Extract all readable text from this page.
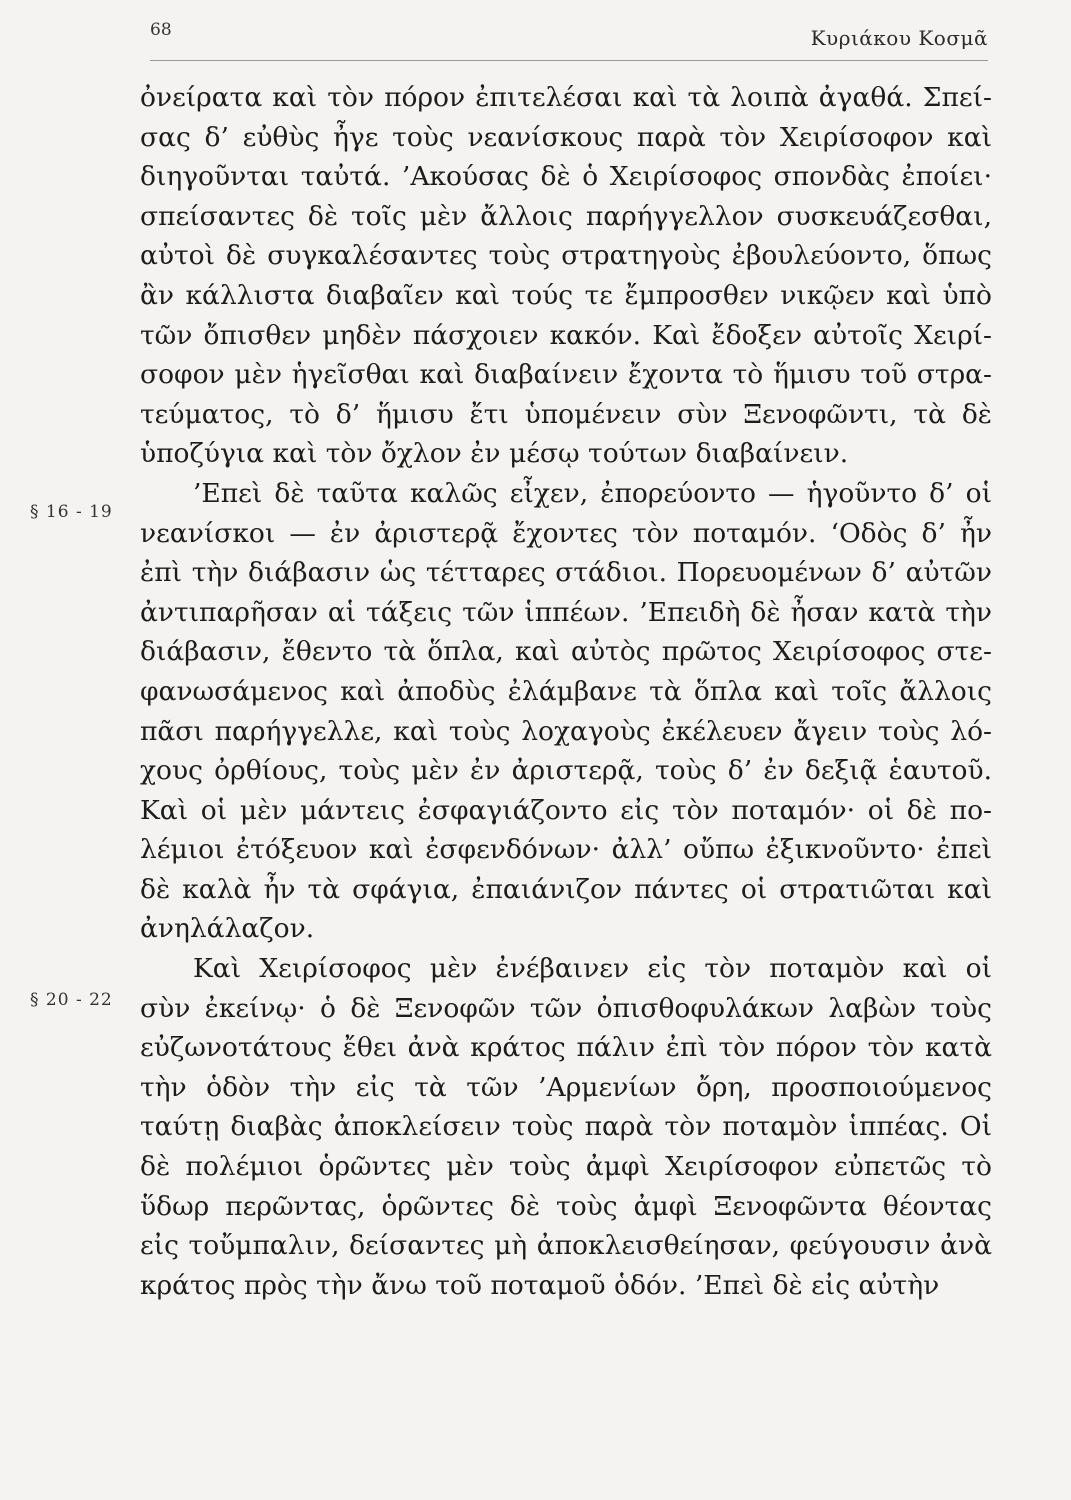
68	Κυριάκου Κοσμᾶ
§ 16 - 19
§ 20 - 22
ὀνείρατα καὶ τὸν πόρον ἐπιτελέσαι καὶ τὰ λοιπὰ ἀγαθά. Σπεί-
σας δ’ εὐθὺς ἦγε τοὺς νεανίσκους παρὰ τὸν Χειρίσοφον καὶ
διηγοῦνται ταὐτά. ’Ακούσας δὲ ὁ Χειρίσοφος σπονδὰς ἐποίει·
σπείσαντες δὲ τοῖς μὲν ἄλλοις παρήγγελλον συσκευάζεσθαι,
αὐτοὶ δὲ συγκαλέσαντες τοὺς στρατηγοὺς ἐβουλεύοντο, ὅπως
ἂν κάλλιστα διαβαῖεν καὶ τούς τε ἔμπροσθεν νικῷεν καὶ ὑπὸ
τῶν ὄπισθεν μηδὲν πάσχοιεν κακόν. Καὶ ἔδοξεν αὐτοῖς Χειρί-
σοφον μὲν ἡγεῖσθαι καὶ διαβαίνειν ἔχοντα τὸ ἥμισυ τοῦ στρα-
τεύματος, τὸ δ’ ἥμισυ ἔτι ὑπομένειν σὺν Ξενοφῶντι, τὰ δὲ
ὑποζύγια καὶ τὸν ὄχλον ἐν μέσῳ τούτων διαβαίνειν.
’Επεὶ δὲ ταῦτα καλῶς εἶχεν, ἐπορεύοντο — ἡγοῦντο δ’ οἱ
νεανίσκοι — ἐν ἀριστερᾷ ἔχοντες τὸν ποταμόν. ‘Οδὸς δ’ ἦν
ἐπὶ τὴν διάβασιν ὡς τέτταρες στάδιοι. Πορευομένων δ’ αὐτῶν
ἀντιπαρῆσαν αἱ τάξεις τῶν ἱππέων. ’Επειδὴ δὲ ἦσαν κατὰ τὴν
διάβασιν, ἔθεντο τὰ ὅπλα, καὶ αὐτὸς πρῶτος Χειρίσοφος στε-
φανωσάμενος καὶ ἀποδὺς ἐλάμβανε τὰ ὅπλα καὶ τοῖς ἄλλοις
πᾶσι παρήγγελλε, καὶ τοὺς λοχαγοὺς ἐκέλευεν ἄγειν τοὺς λό-
χους ὀρθίους, τοὺς μὲν ἐν ἀριστερᾷ, τοὺς δ’ ἐν δεξιᾷ ἑαυτοῦ.
Καὶ οἱ μὲν μάντεις ἐσφαγιάζοντο εἰς τὸν ποταμόν· οἱ δὲ πο-
λέμιοι ἐτόξευον καὶ ἐσφενδόνων· ἀλλ’ οὔπω ἐξικνοῦντο· ἐπεὶ
δὲ καλὰ ἦν τὰ σφάγια, ἐπαιάνιζον πάντες οἱ στρατιῶται καὶ
ἀνηλάλαζον.
Καὶ Χειρίσοφος μὲν ἐνέβαινεν εἰς τὸν ποταμὸν καὶ οἱ
σὺν ἐκείνῳ· ὁ δὲ Ξενοφῶν τῶν ὀπισθοφυλάκων λαβὼν τοὺς
εὐζωνοτάτους ἔθει ἀνὰ κράτος πάλιν ἐπὶ τὸν πόρον τὸν κατὰ
τὴν ὁδὸν τὴν εἰς τὰ τῶν ’Αρμενίων ὄρη, προσποιούμενος
ταύτῃ διαβὰς ἀποκλείσειν τοὺς παρὰ τὸν ποταμὸν ἱππέας. Οἱ
δὲ πολέμιοι ὁρῶντες μὲν τοὺς ἀμφὶ Χειρίσοφον εὐπετῶς τὸ
ὕδωρ περῶντας, ὁρῶντες δὲ τοὺς ἀμφὶ Ξενοφῶντα θέοντας
εἰς τοὔμπαλιν, δείσαντες μὴ ἀποκλεισθείησαν, φεύγουσιν ἀνὰ
κράτος πρὸς τὴν ἄνω τοῦ ποταμοῦ ὁδόν. ’Επεὶ δὲ εἰς αὐτὴν
